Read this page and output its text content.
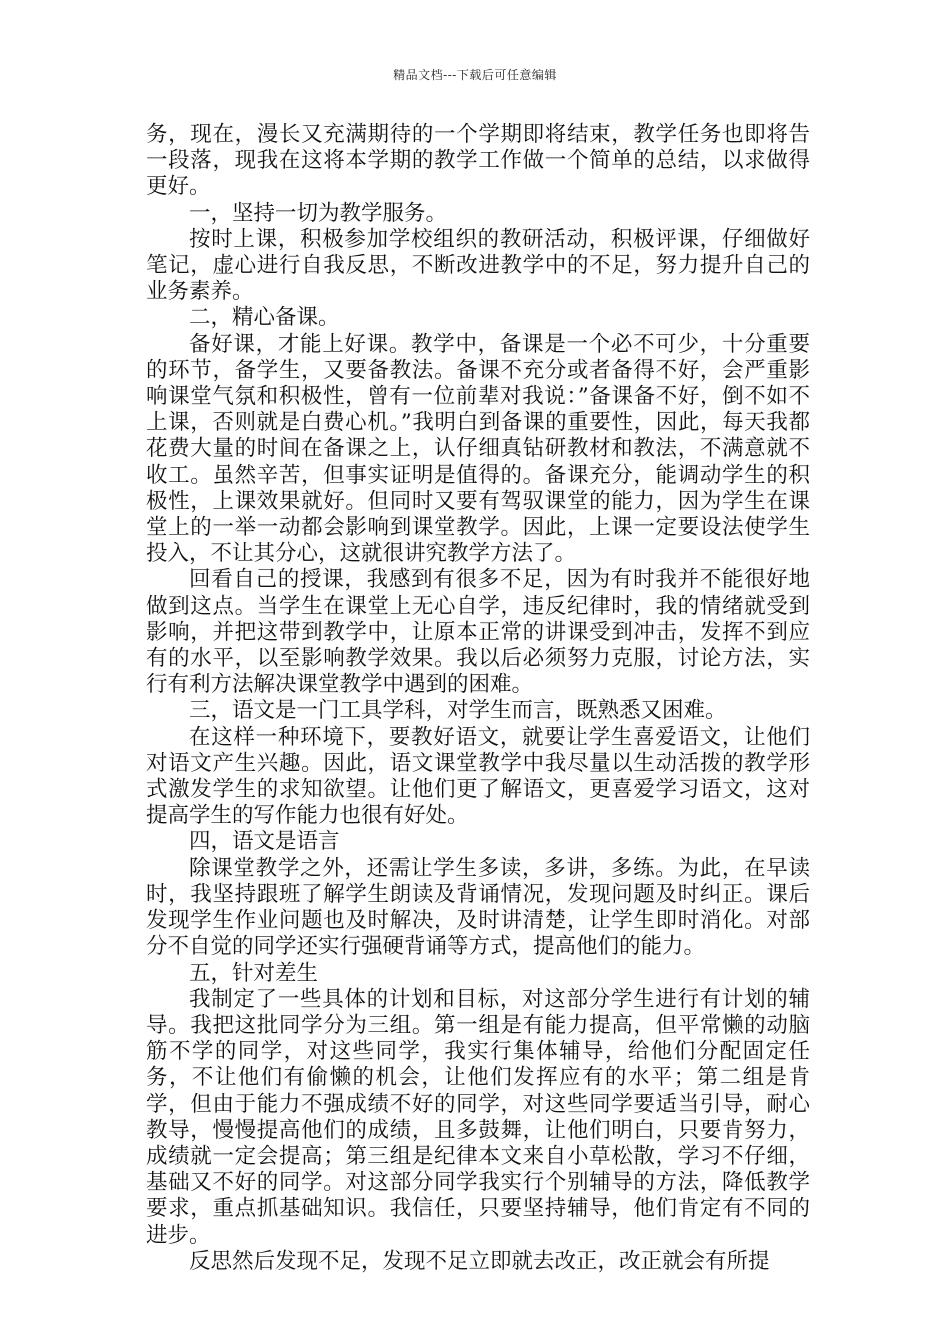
精品文档---下载后可任意编辑

务，现在，漫长又充满期待的一个学期即将结束，教学任务也即将告一段落，现我在这将本学期的教学工作做一个简单的总结，以求做得更好。

一，坚持一切为教学服务。

按时上课，积极参加学校组织的教研活动，积极评课，仔细做好笔记，虚心进行自我反思，不断改进教学中的不足，努力提升自己的业务素养。

二，精心备课。

备好课，才能上好课。教学中，备课是一个必不可少，十分重要的环节，备学生，又要备教法。备课不充分或者备得不好，会严重影响课堂气氛和积极性，曾有一位前辈对我说：”备课备不好，倒不如不上课，否则就是白费心机。”我明白到备课的重要性，因此，每天我都花费大量的时间在备课之上，认仔细真钻研教材和教法，不满意就不收工。虽然辛苦，但事实证明是值得的。备课充分，能调动学生的积极性，上课效果就好。但同时又要有驾驭课堂的能力，因为学生在课堂上的一举一动都会影响到课堂教学。因此，上课一定要设法使学生投入，不让其分心，这就很讲究教学方法了。

回看自己的授课，我感到有很多不足，因为有时我并不能很好地做到这点。当学生在课堂上无心自学，违反纪律时，我的情绪就受到影响，并把这带到教学中，让原本正常的讲课受到冲击，发挥不到应有的水平，以至影响教学效果。我以后必须努力克服，讨论方法，实行有利方法解决课堂教学中遇到的困难。

三，语文是一门工具学科，对学生而言，既熟悉又困难。

在这样一种环境下，要教好语文，就要让学生喜爱语文，让他们对语文产生兴趣。因此，语文课堂教学中我尽量以生动活拨的教学形式激发学生的求知欲望。让他们更了解语文，更喜爱学习语文，这对提高学生的写作能力也很有好处。

四，语文是语言

除课堂教学之外，还需让学生多读，多讲，多练。为此，在早读时，我坚持跟班了解学生朗读及背诵情况，发现问题及时纠正。课后发现学生作业问题也及时解决，及时讲清楚，让学生即时消化。对部分不自觉的同学还实行强硬背诵等方式，提高他们的能力。

五，针对差生

我制定了一些具体的计划和目标，对这部分学生进行有计划的辅导。我把这批同学分为三组。第一组是有能力提高，但平常懒的动脑筋不学的同学，对这些同学，我实行集体辅导，给他们分配固定任务，不让他们有偷懒的机会，让他们发挥应有的水平；第二组是肯学，但由于能力不强成绩不好的同学，对这些同学要适当引导，耐心教导，慢慢提高他们的成绩，且多鼓舞，让他们明白，只要肯努力，成绩就一定会提高；第三组是纪律本文来自小草松散，学习不仔细，基础又不好的同学。对这部分同学我实行个别辅导的方法，降低教学要求，重点抓基础知识。我信任，只要坚持辅导，他们肯定有不同的进步。

反思然后发现不足，发现不足立即就去改正，改正就会有所提
